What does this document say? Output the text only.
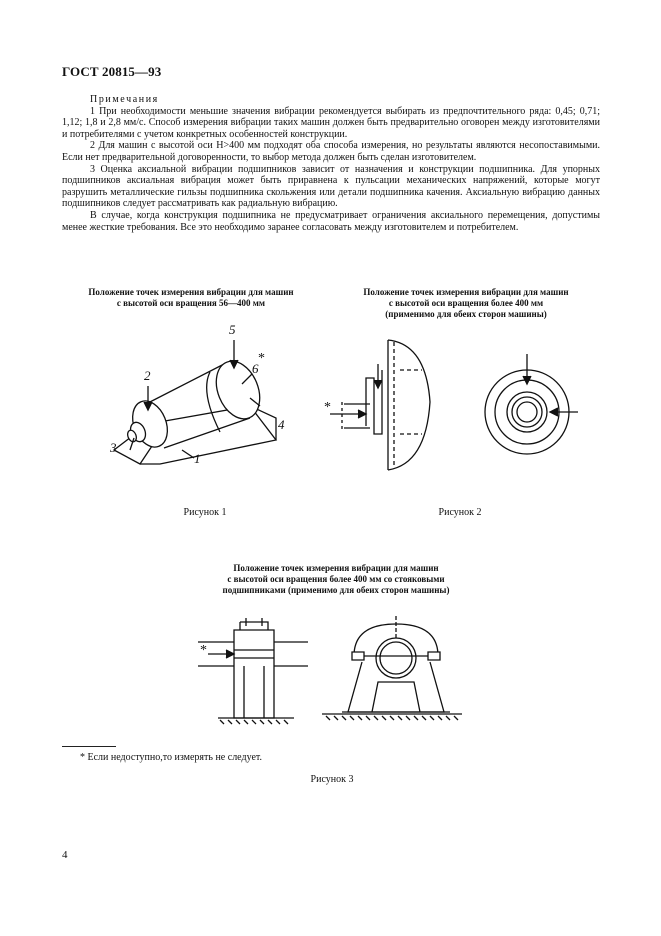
ГОСТ 20815—93

Примечания

1 При необходимости меньшие значения вибрации рекомендуется выбирать из предпочтительного ряда: 0,45; 0,71; 1,12; 1,8 и 2,8 мм/с. Способ измерения вибрации таких машин должен быть предварительно оговорен между изготовителями и потребителями с учетом конкретных особенностей конструкции.

2 Для машин с высотой оси H>400 мм подходят оба способа измерения, но результаты являются несопоставимыми. Если нет предварительной договоренности, то выбор метода должен быть сделан изготовителем.

3 Оценка аксиальной вибрации подшипников зависит от назначения и конструкции подшипника. Для упорных подшипников аксиальная вибрация может быть приравнена к пульсации механических напряжений, которые могут разрушить металлические гильзы подшипника скольжения или детали подшипника качения. Аксиальную вибрацию данных подшипников следует рассматривать как радиальную вибрацию.

В случае, когда конструкция подшипника не предусматривает ограничения аксиального перемещения, допустимы менее жесткие требования. Все это необходимо заранее согласовать между изготовителем и потребителем.

Положение точек измерения вибрации для машин
с высотой оси вращения 56—400 мм
Положение точек измерения вибрации для машин
с высотой оси вращения более 400 мм
(применимо для обеих сторон машины)
5
*
6
2
4
3
1
*
Рисунок 1	Рисунок 2
Положение точек измерения вибрации для машин
с высотой оси вращения более 400 мм со стояковыми
подшипниками (применимо для обеих сторон машины)
*
* Если недоступно,то измерять не следует.
Рисунок 3
4
